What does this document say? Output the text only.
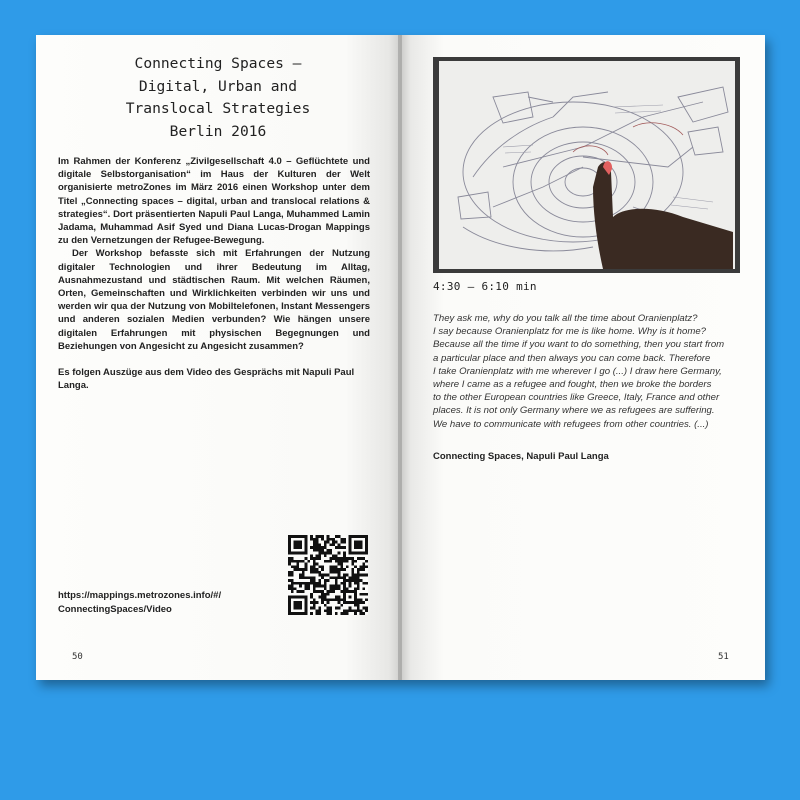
Connecting Spaces –
Digital, Urban and
Translocal Strategies
Berlin 2016

Im Rahmen der Konferenz „Zivilgesellschaft 4.0 – Geflüchtete und digitale Selbstorganisation“ im Haus der Kulturen der Welt organisierte metroZones im März 2016 einen Workshop unter dem Titel „Connecting spaces – digital, urban and translocal relations & strategies“. Dort präsentierten Napuli Paul Langa, Muhammed Lamin Jadama, Muhammad Asif Syed und Diana Lucas-Drogan Mappings zu den Vernetzungen der Refugee-Bewegung.

Der Workshop befasste sich mit Erfahrungen der Nutzung digitaler Technologien und ihrer Bedeutung im Alltag, Ausnahmezustand und städtischen Raum. Mit welchen Räumen, Orten, Gemeinschaften und Wirklichkeiten verbinden wir uns und werden wir qua der Nutzung von Mobiltelefonen, Instant Messengers und anderen sozialen Medien verbunden? Wie hängen unsere digitalen Erfahrungen mit physischen Begegnungen und Beziehungen von Angesicht zu Angesicht zusammen?

Es folgen Auszüge aus dem Video des Gesprächs mit Napuli Paul Langa.

https://mappings.metrozones.info/#/
ConnectingSpaces/Video
50
4:30 – 6:10 min
They ask me, why do you talk all the time about Oranienplatz?
I say because Oranienplatz for me is like home. Why is it home?
Because all the time if you want to do something, then you start from
a particular place and then always you can come back. Therefore
I take Oranienplatz with me wherever I go (...) I draw here Germany,
where I came as a refugee and fought, then we broke the borders
to the other European countries like Greece, Italy, France and other
places. It is not only Germany where we as refugees are suffering.
We have to communicate with refugees from other countries. (...)
Connecting Spaces, Napuli Paul Langa
51
